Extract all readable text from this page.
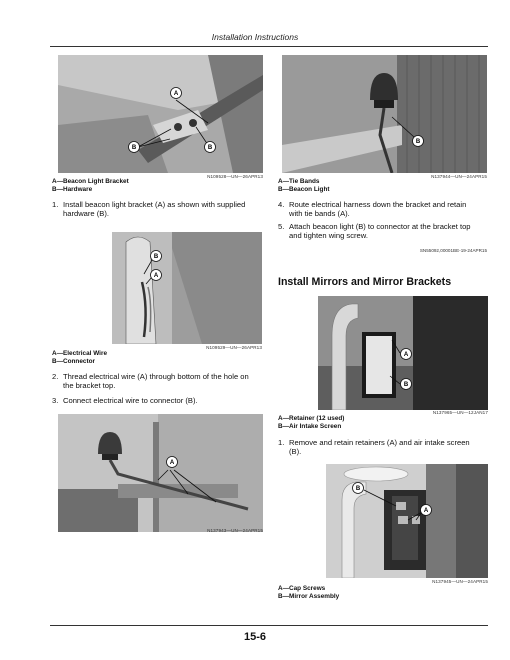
Installation Instructions
A
B	B
N109528—UN—26APR13
A—Beacon Light Bracket
B—Hardware
1. Install beacon light bracket (A) as shown with supplied hardware (B).
B
A
N109529—UN—26APR13
A—Electrical Wire
B—Connector
2. Thread electrical wire (A) through bottom of the hole on the bracket top.
3. Connect electrical wire to connector (B).
A
N137943—UN—24APR15
B
N137944—UN—24APR15
A—Tie Bands
B—Beacon Light
4. Route electrical harness down the bracket and retain with tie bands (A).
5. Attach beacon light (B) to connector at the bracket top and tighten wing screw.
SN55092,00001BE-19-24APR15
Install Mirrors and Mirror Brackets
A
B
N137965—UN—12JAN17
A—Retainer (12 used)
B—Air Intake Screen
1. Remove and retain retainers (A) and air intake screen (B).
B
A
N137945—UN—24APR15
A—Cap Screws
B—Mirror Assembly
15-6
